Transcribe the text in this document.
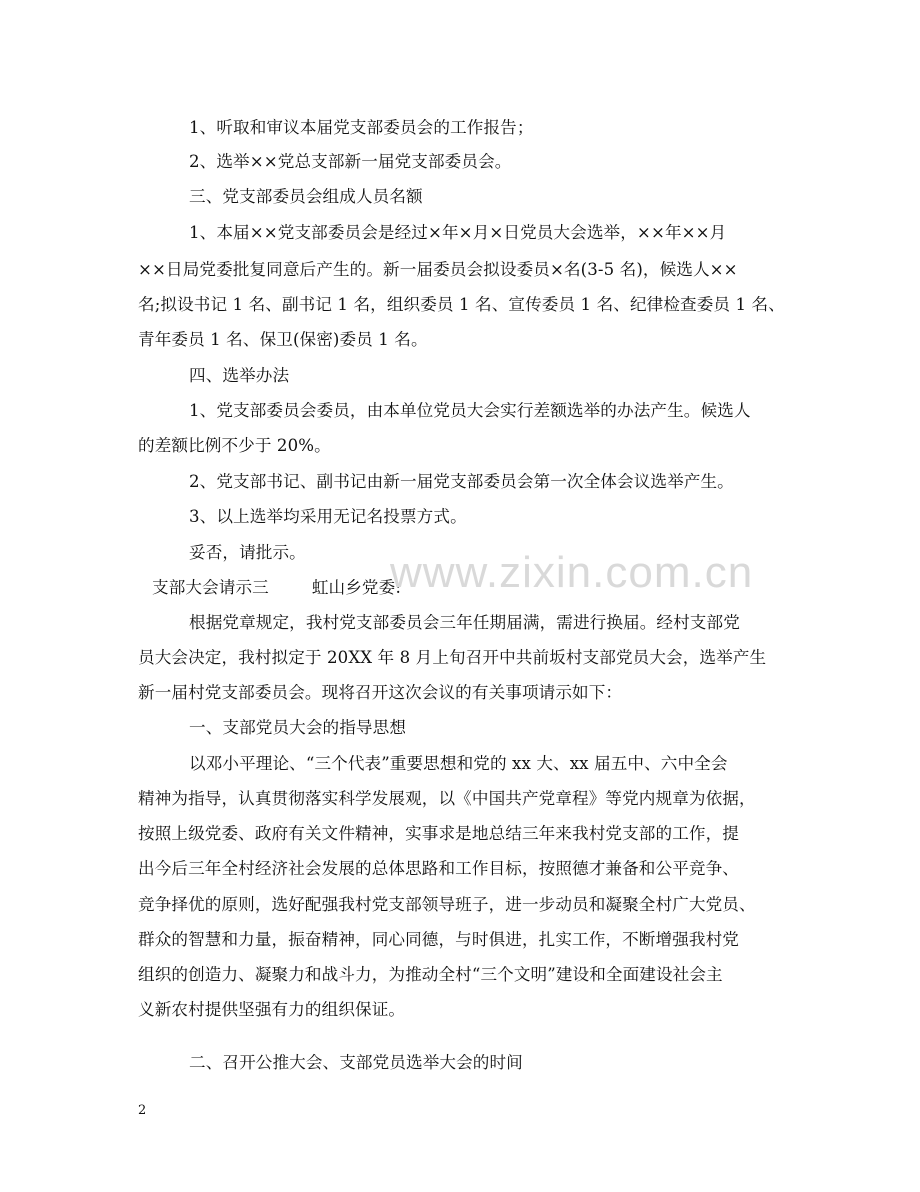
1、听取和审议本届党支部委员会的工作报告；
2、选举××党总支部新一届党支部委员会。
三、党支部委员会组成人员名额
1、本届××党支部委员会是经过×年×月×日党员大会选举，××年××月
××日局党委批复同意后产生的。新一届委员会拟设委员×名(3-5 名)，候选人××
名;拟设书记 1 名、副书记 1 名，组织委员 1 名、宣传委员 1 名、纪律检查委员 1 名、
青年委员 1 名、保卫(保密)委员 1 名。
四、选举办法
1、党支部委员会委员，由本单位党员大会实行差额选举的办法产生。候选人
的差额比例不少于 20%。
2、党支部书记、副书记由新一届党支部委员会第一次全体会议选举产生。
3、以上选举均采用无记名投票方式。
妥否，请批示。
支部大会请示三        虹山乡党委:
根据党章规定，我村党支部委员会三年任期届满，需进行换届。经村支部党
员大会决定，我村拟定于 20XX 年 8 月上旬召开中共前坂村支部党员大会，选举产生
新一届村党支部委员会。现将召开这次会议的有关事项请示如下：
一、支部党员大会的指导思想
以邓小平理论、“三个代表”重要思想和党的 xx 大、xx 届五中、六中全会
精神为指导，认真贯彻落实科学发展观，以《中国共产党章程》等党内规章为依据，
按照上级党委、政府有关文件精神，实事求是地总结三年来我村党支部的工作，提
出今后三年全村经济社会发展的总体思路和工作目标，按照德才兼备和公平竞争、
竞争择优的原则，选好配强我村党支部领导班子，进一步动员和凝聚全村广大党员、
群众的智慧和力量，振奋精神，同心同德，与时俱进，扎实工作，不断增强我村党
组织的创造力、凝聚力和战斗力，为推动全村“三个文明”建设和全面建设社会主
义新农村提供坚强有力的组织保证。
二、召开公推大会、支部党员选举大会的时间
www.zixin.com.cn
2
